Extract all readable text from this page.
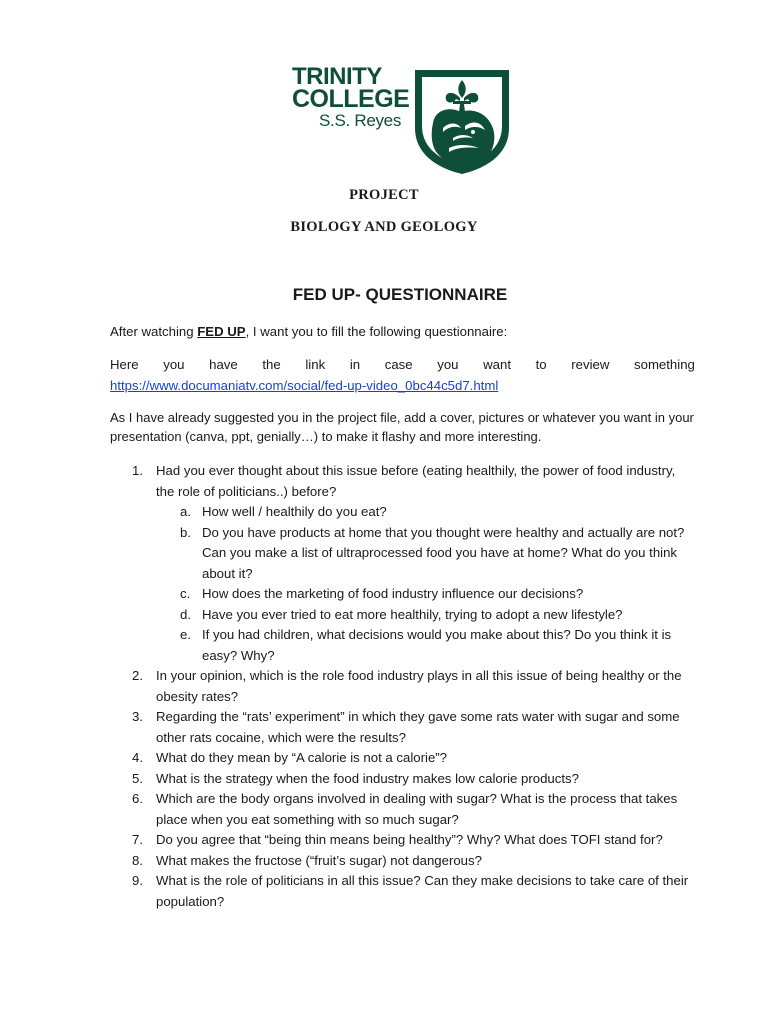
TRINITY
COLLEGE
S.S. Reyes
PROJECT
BIOLOGY AND GEOLOGY
FED UP- QUESTIONNAIRE
After watching FED UP, I want you to fill the following questionnaire:
Here you have the link in case you want to review something
https://www.documaniatv.com/social/fed-up-video_0bc44c5d7.html
As I have already suggested you in the project file, add a cover, pictures or whatever you want in your presentation (canva, ppt, genially…) to make it flashy and more interesting.
1. Had you ever thought about this issue before (eating healthily, the power of food industry, the role of politicians..) before?
a. How well / healthily do you eat?
b. Do you have products at home that you thought were healthy and actually are not? Can you make a list of ultraprocessed food you have at home? What do you think about it?
c. How does the marketing of food industry influence our decisions?
d. Have you ever tried to eat more healthily, trying to adopt a new lifestyle?
e. If you had children, what decisions would you make about this? Do you think it is easy? Why?
2. In your opinion, which is the role food industry plays in all this issue of being healthy or the obesity rates?
3. Regarding the “rats’ experiment” in which they gave some rats water with sugar and some other rats cocaine, which were the results?
4. What do they mean by “A calorie is not a calorie”?
5. What is the strategy when the food industry makes low calorie products?
6. Which are the body organs involved in dealing with sugar? What is the process that takes place when you eat something with so much sugar?
7. Do you agree that “being thin means being healthy”? Why? What does TOFI stand for?
8. What makes the fructose (“fruit’s sugar) not dangerous?
9. What is the role of politicians in all this issue? Can they make decisions to take care of their population?
